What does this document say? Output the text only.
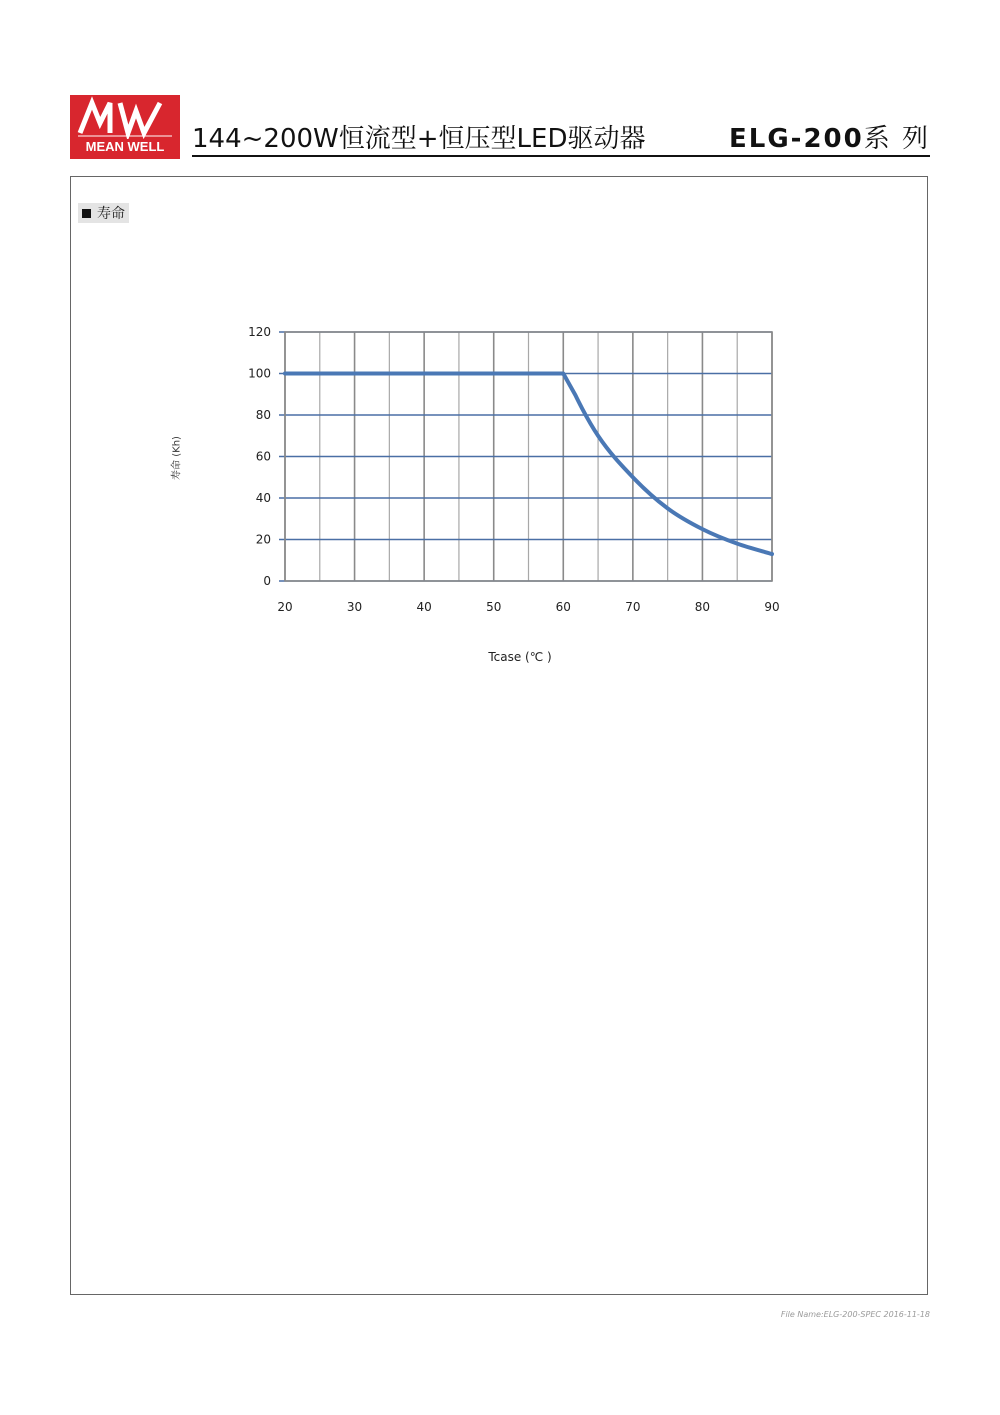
MEAN WELL	144~200W恒流型+恒压型LED驱动器	ELG-200系 列
寿命
寿命 (Kh)
20	30	40	50	60	70	80	90
0
20
40
60
80
100
120
Tcase (℃ )
File Name:ELG-200-SPEC 2016-11-18
